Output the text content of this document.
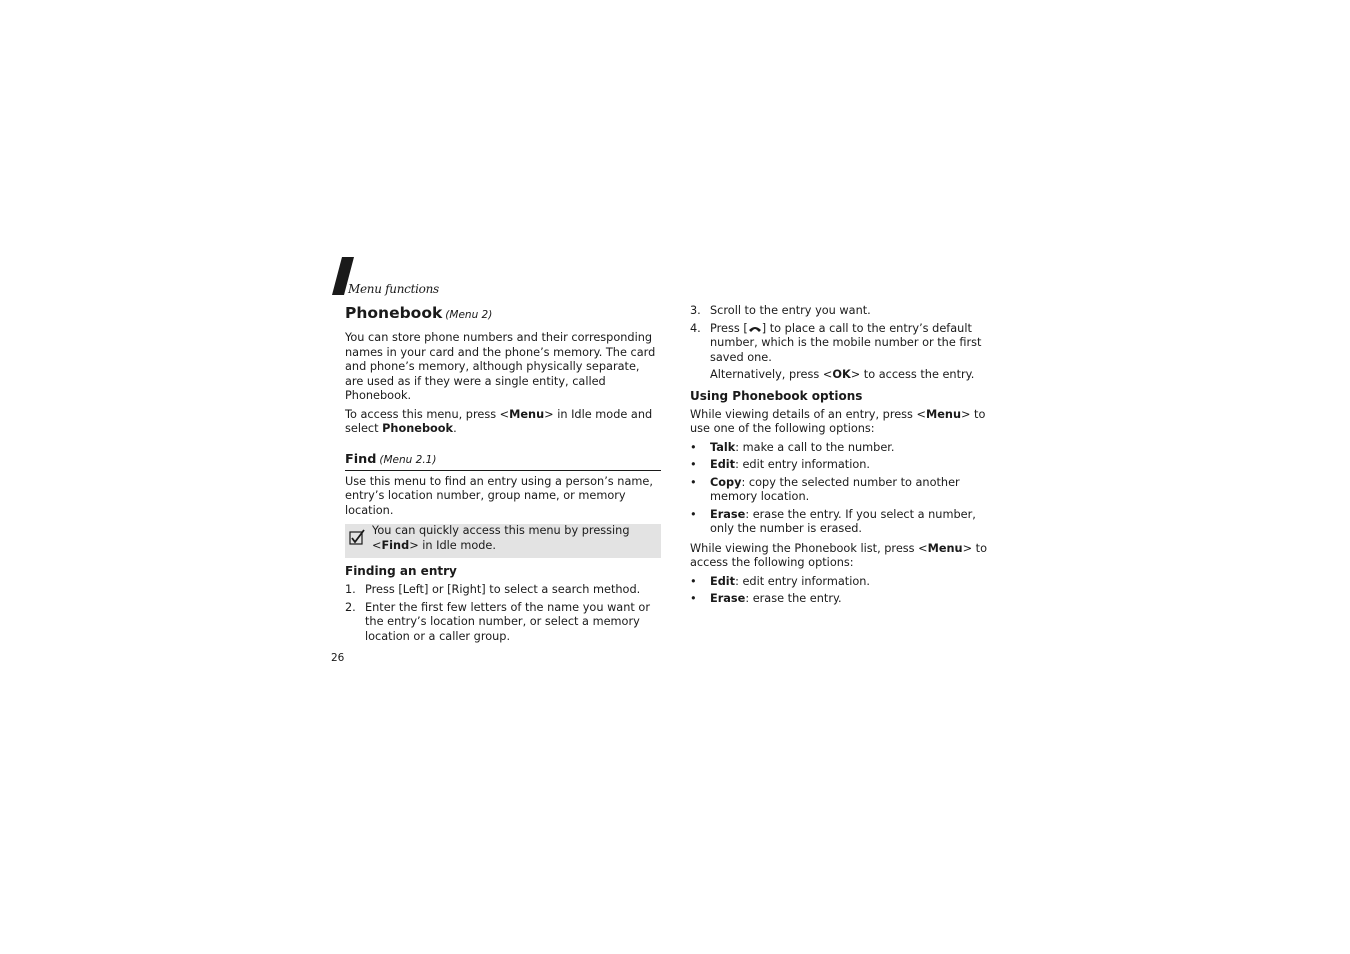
Menu functions
Phonebook (Menu 2)

You can store phone numbers and their corresponding names in your card and the phone’s memory. The card and phone’s memory, although physically separate, are used as if they were a single entity, called Phonebook.

To access this menu, press <Menu> in Idle mode and select Phonebook.

Find (Menu 2.1)

Use this menu to find an entry using a person’s name, entry’s location number, group name, or memory location.

You can quickly access this menu by pressing <Find> in Idle mode.

Finding an entry
1. Press [Left] or [Right] to select a search method.
2. Enter the first few letters of the name you want or the entry’s location number, or select a memory location or a caller group.
3. Scroll to the entry you want.
4. Press [ ] to place a call to the entry’s default number, which is the mobile number or the first saved one.

Alternatively, press <OK> to access the entry.

Using Phonebook options

While viewing details of an entry, press <Menu> to use one of the following options:

• Talk: make a call to the number.
• Edit: edit entry information.
• Copy: copy the selected number to another memory location.
• Erase: erase the entry. If you select a number, only the number is erased.

While viewing the Phonebook list, press <Menu> to access the following options:

• Edit: edit entry information.
• Erase: erase the entry.
26
